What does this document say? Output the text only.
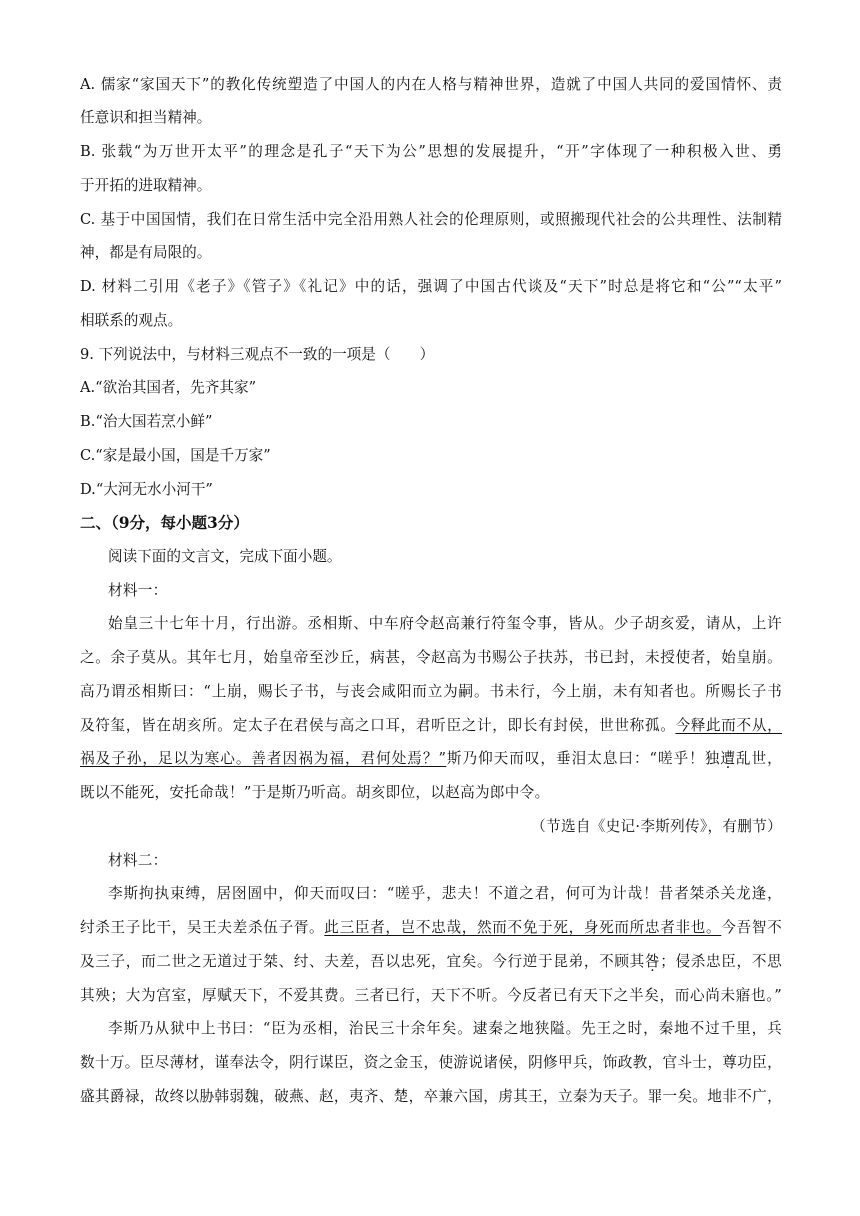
A. 儒家“家国天下”的教化传统塑造了中国人的内在人格与精神世界，造就了中国人共同的爱国情怀、责
任意识和担当精神。
B. 张载“为万世开太平”的理念是孔子“天下为公”思想的发展提升，“开”字体现了一种积极入世、勇
于开拓的进取精神。
C. 基于中国国情，我们在日常生活中完全沿用熟人社会的伦理原则，或照搬现代社会的公共理性、法制精
神，都是有局限的。
D. 材料二引用《老子》《管子》《礼记》中的话，强调了中国古代谈及“天下”时总是将它和“公”“太平”
相联系的观点。
9. 下列说法中，与材料三观点不一致的一项是（　　）
A.“欲治其国者，先齐其家”
B.“治大国若烹小鲜”
C.“家是最小国，国是千万家”
D.“大河无水小河干”
二、（9分，每小题3分）
阅读下面的文言文，完成下面小题。
材料一：
始皇三十七年十月，行出游。丞相斯、中车府令赵高兼行符玺令事，皆从。少子胡亥爱，请从，上许
之。余子莫从。其年七月，始皇帝至沙丘，病甚，令赵高为书赐公子扶苏，书已封，未授使者，始皇崩。
高乃谓丞相斯曰：“上崩，赐长子书，与丧会咸阳而立为嗣。书未行，今上崩，未有知者也。所赐长子书
及符玺，皆在胡亥所。定太子在君侯与高之口耳，君听臣之计，即长有封侯，世世称孤。今释此而不从，
祸及子孙，足以为寒心。善者因祸为福，君何处焉？”斯乃仰天而叹，垂泪太息曰：“嗟乎！独遭乱世，
既以不能死，安托命哉！”于是斯乃听高。胡亥即位，以赵高为郎中令。
（节选自《史记·李斯列传》，有删节）
材料二：
李斯拘执束缚，居囹圄中，仰天而叹曰：“嗟乎，悲夫！不道之君，何可为计哉！昔者桀杀关龙逢，
纣杀王子比干，吴王夫差杀伍子胥。此三臣者，岂不忠哉，然而不免于死，身死而所忠者非也。今吾智不
及三子，而二世之无道过于桀、纣、夫差，吾以忠死，宜矣。今行逆于昆弟，不顾其咎；侵杀忠臣，不思
其殃；大为宫室，厚赋天下，不爱其费。三者已行，天下不听。今反者已有天下之半矣，而心尚未寤也。”
李斯乃从狱中上书曰：“臣为丞相，治民三十余年矣。逮秦之地狭隘。先王之时，秦地不过千里，兵
数十万。臣尽薄材，谨奉法令，阴行谋臣，资之金玉，使游说诸侯，阴修甲兵，饰政教，官斗士，尊功臣，
盛其爵禄，故终以胁韩弱魏，破燕、赵，夷齐、楚，卒兼六国，虏其王，立秦为天子。罪一矣。地非不广，
